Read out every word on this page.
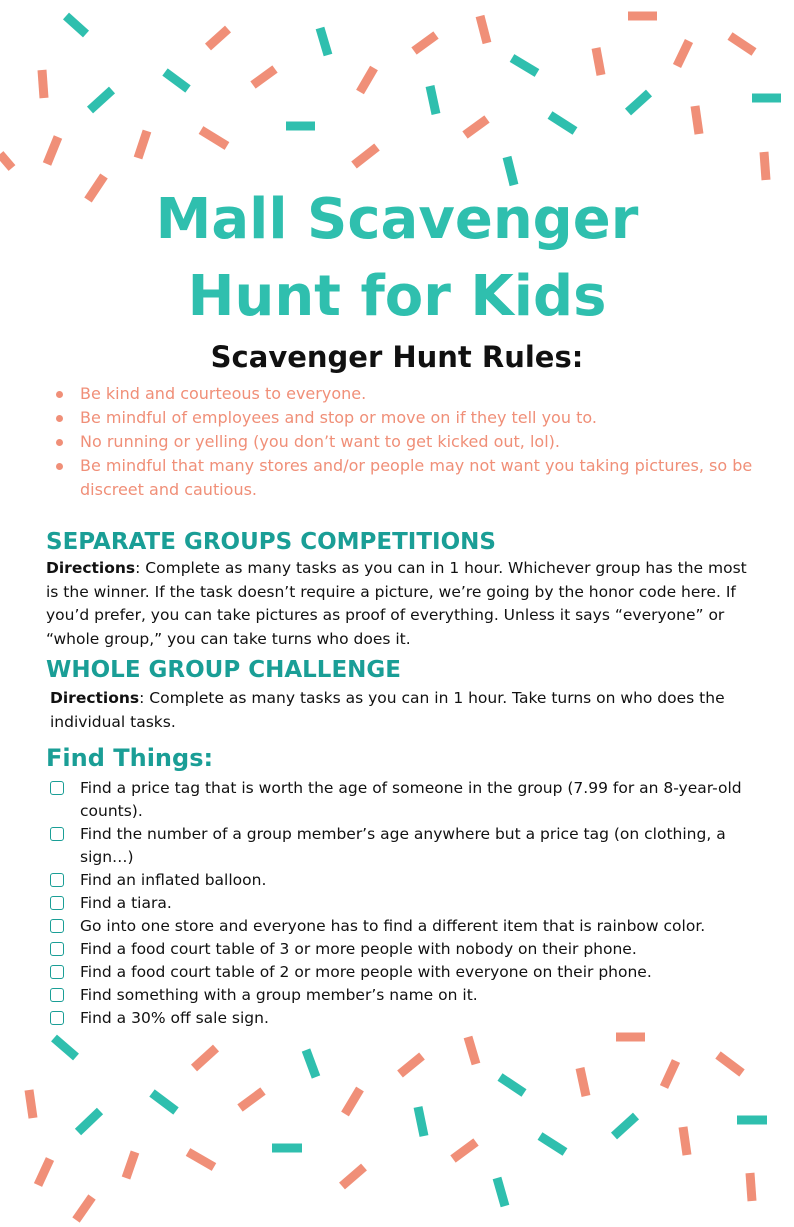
Mall Scavenger
Hunt for Kids
Scavenger Hunt Rules:
Be kind and courteous to everyone.
Be mindful of employees and stop or move on if they tell you to.
No running or yelling (you don’t want to get kicked out, lol).
Be mindful that many stores and/or people may not want you taking pictures, so be discreet and cautious.
SEPARATE GROUPS COMPETITIONS

Directions: Complete as many tasks as you can in 1 hour. Whichever group has the most is the winner. If the task doesn’t require a picture, we’re going by the honor code here. If you’d prefer, you can take pictures as proof of everything. Unless it says “everyone” or “whole group,” you can take turns who does it.

WHOLE GROUP CHALLENGE

Directions: Complete as many tasks as you can in 1 hour. Take turns on who does the individual tasks.

Find Things:
Find a price tag that is worth the age of someone in the group (7.99 for an 8-year-old counts).
Find the number of a group member’s age anywhere but a price tag (on clothing, a sign…)
Find an inflated balloon.
Find a tiara.
Go into one store and everyone has to find a different item that is rainbow color.
Find a food court table of 3 or more people with nobody on their phone.
Find a food court table of 2 or more people with everyone on their phone.
Find something with a group member’s name on it.
Find a 30% off sale sign.
